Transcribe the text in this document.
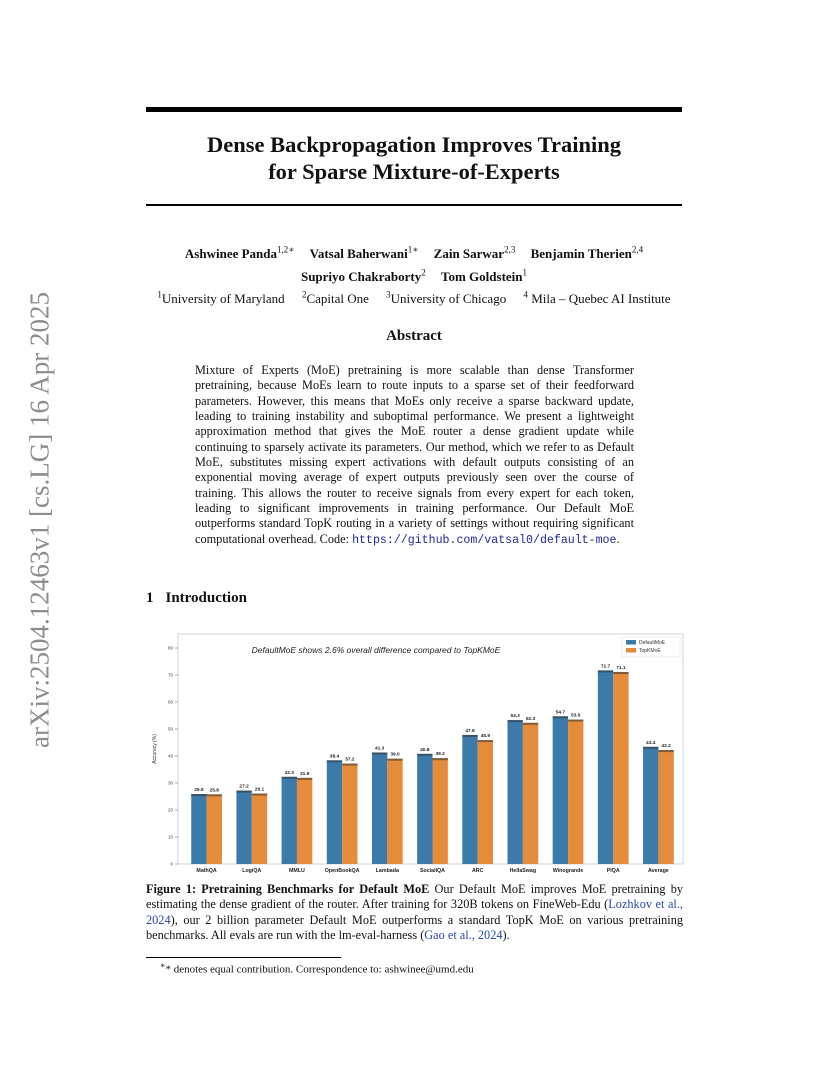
Dense Backpropagation Improves Training
for Sparse Mixture-of-Experts
arXiv:2504.12463v1 [cs.LG] 16 Apr 2025
Ashwinee Panda$^{1,2∗}$ Vatsal Baherwani$^{1∗}$ Zain Sarwar$^{2,3}$ Benjamin Therien$^{2,4}$
Supriyo Chakraborty$^2$ Tom Goldstein$^1$
$^1$University of Maryland $^2$Capital One $^3$University of Chicago $^4$ Mila – Quebec AI Institute
Abstract
Mixture of Experts (MoE) pretraining is more scalable than dense Transformer pretraining, because MoEs learn to route inputs to a sparse set of their feedforward parameters. However, this means that MoEs only receive a sparse backward update, leading to training instability and suboptimal performance. We present a lightweight approximation method that gives the MoE router a dense gradient update while continuing to sparsely activate its parameters. Our method, which we refer to as Default MoE, substitutes missing expert activations with default outputs consisting of an exponential moving average of expert outputs previously seen over the course of training. This allows the router to receive signals from every expert for each token, leading to significant improvements in training performance. Our Default MoE outperforms standard TopK routing in a variety of settings without requiring significant computational overhead. Code: https://github.com/vatsal0/default-moe.
1 Introduction
DefaultMoE shows 2.6% overall difference compared to TopKMoE
Accuracy (%)
0
10
20
30
40
50
60
70
80
25.9 25.8
27.2
26.1
32.3 31.9
38.4
37.2
41.3
39.0
40.8
39.2
47.8
45.9
53.3
52.3
54.7
53.5
71.7 71.1
43.4
42.2
MathQA	LogiQA	MMLU	OpenBookQA	Lambada	SocialIQA	ARC	HellaSwag	Winogrande	PIQA	Average
DefaultMoE
TopKMoE
Figure 1: Pretraining Benchmarks for Default MoE Our Default MoE improves MoE pretraining by estimating the dense gradient of the router. After training for 320B tokens on FineWeb-Edu (Lozhkov et al., 2024), our 2 billion parameter Default MoE outperforms a standard TopK MoE on various pretraining benchmarks. All evals are run with the lm-eval-harness (Gao et al., 2024).
∗* denotes equal contribution. Correspondence to: ashwinee@umd.edu
